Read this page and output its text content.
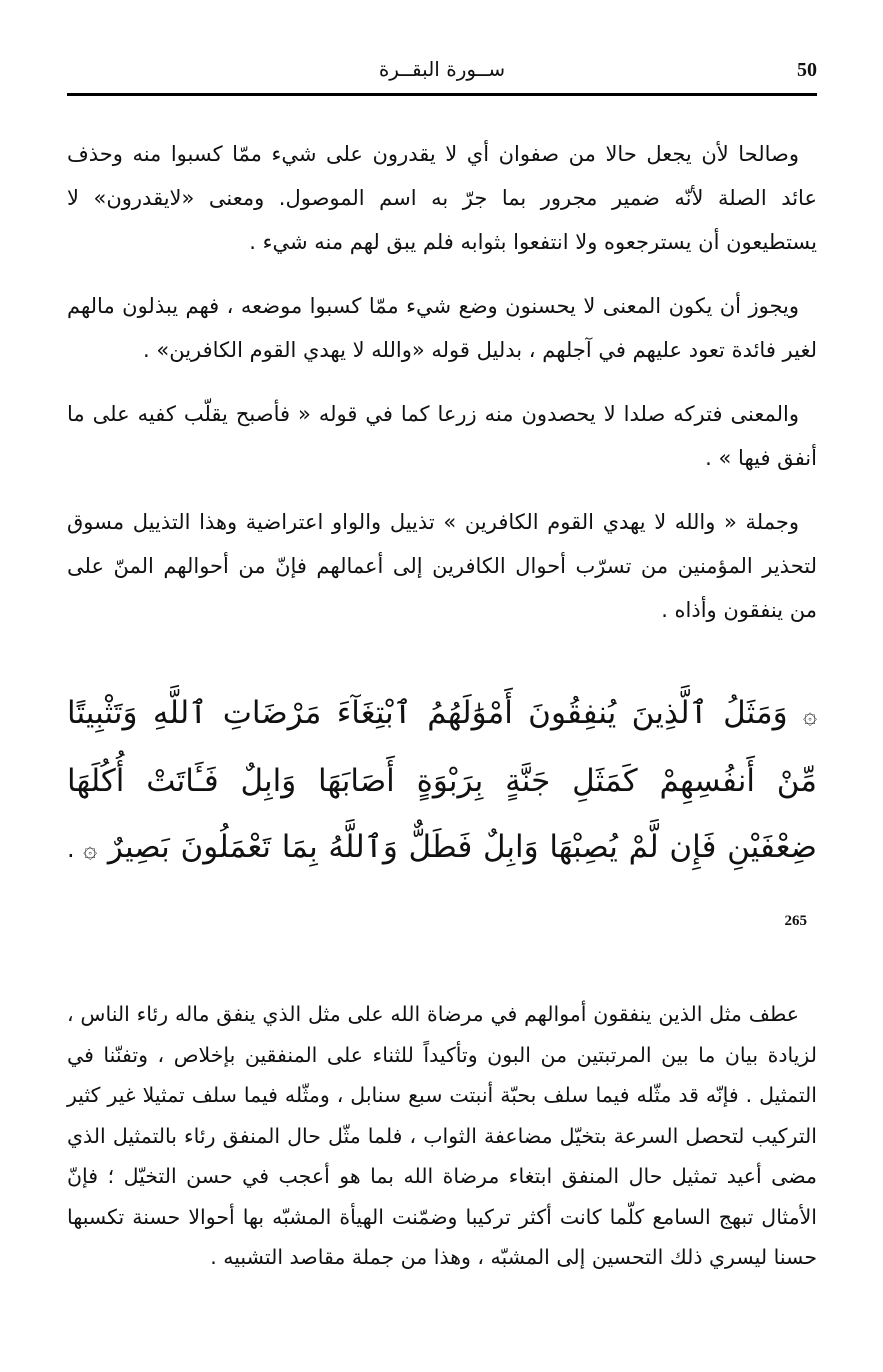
50
ســورة البقــرة

وصالحا لأن يجعل حالا من صفوان أي لا يقدرون على شيء ممّا كسبوا منه وحذف عائد الصلة لأنّه ضمير مجرور بما جرّ به اسم الموصول. ومعنى «لايقدرون» لا يستطيعون أن يسترجعوه ولا انتفعوا بثوابه فلم يبق لهم منه شيء .

ويجوز أن يكون المعنى لا يحسنون وضع شيء ممّا كسبوا موضعه ، فهم يبذلون مالهم لغير فائدة تعود عليهم في آجلهم ، بدليل قوله «والله لا يهدي القوم الكافرين» .

والمعنى فتركه صلدا لا يحصدون منه زرعا كما في قوله « فأصبح يقلّب كفيه على ما أنفق فيها » .

وجملة « والله لا يهدي القوم الكافرين » تذييل والواو اعتراضية وهذا التذييل مسوق لتحذير المؤمنين من تسرّب أحوال الكافرين إلى أعمالهم فإنّ من أحوالهم المنّ على من ينفقون وأذاه .

۞ وَمَثَلُ ٱلَّذِينَ يُنفِقُونَ أَمْوَٰلَهُمُ ٱبْتِغَآءَ مَرْضَاتِ ٱللَّهِ وَتَثْبِيتًا مِّنْ أَنفُسِهِمْ كَمَثَلِ جَنَّةٍ بِرَبْوَةٍ أَصَابَهَا وَابِلٌ فَـَٔاتَتْ أُكُلَهَا ضِعْفَيْنِ فَإِن لَّمْ يُصِبْهَا وَابِلٌ فَطَلٌّ وَٱللَّهُ بِمَا تَعْمَلُونَ بَصِيرٌ ۞ . 265

عطف مثل الذين ينفقون أموالهم في مرضاة الله على مثل الذي ينفق ماله رئاء الناس ، لزيادة بيان ما بين المرتبتين من البون وتأكيداً للثناء على المنفقين بإخلاص ، وتفنّنا في التمثيل . فإنّه قد مثّله فيما سلف بحبّة أنبتت سبع سنابل ، ومثّله فيما سلف تمثيلا غير كثير التركيب لتحصل السرعة بتخيّل مضاعفة الثواب ، فلما مثّل حال المنفق رئاء بالتمثيل الذي مضى أعيد تمثيل حال المنفق ابتغاء مرضاة الله بما هو أعجب في حسن التخيّل ؛ فإنّ الأمثال تبهج السامع كلّما كانت أكثر تركيبا وضمّنت الهيأة المشبّه بها أحوالا حسنة تكسبها حسنا ليسري ذلك التحسين إلى المشبّه ، وهذا من جملة مقاصد التشبيه .
